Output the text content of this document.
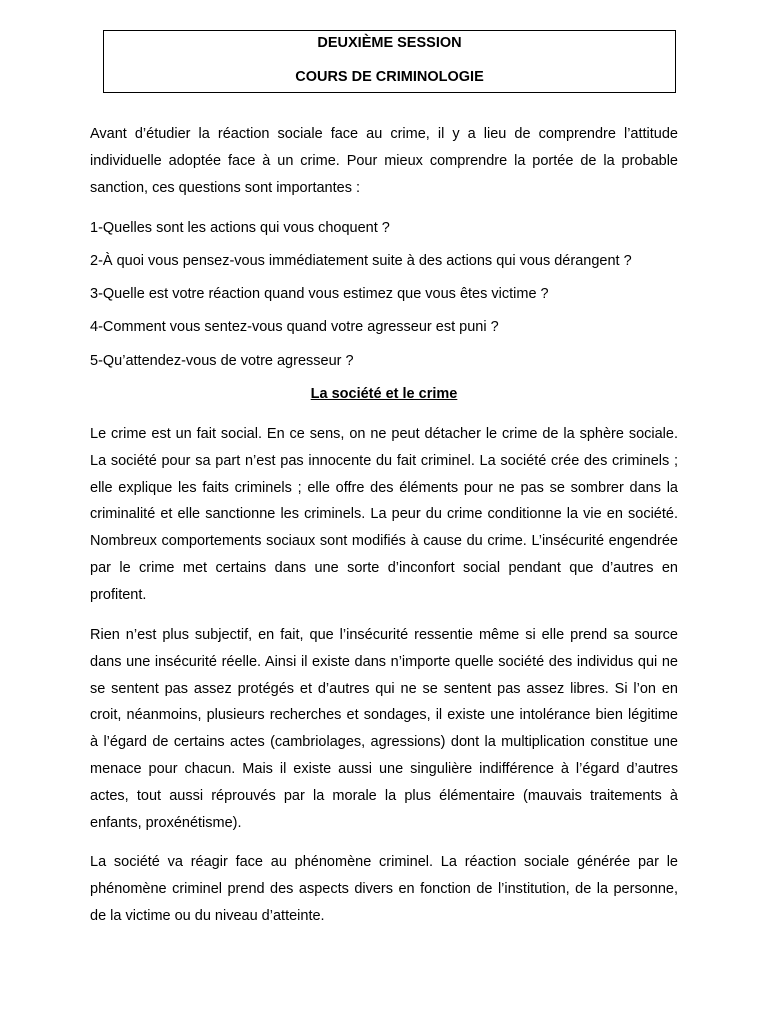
DEUXIÈME SESSION
COURS DE CRIMINOLOGIE

Avant d’étudier la réaction sociale face au crime, il y a lieu de comprendre l’attitude individuelle adoptée face à un crime. Pour mieux comprendre la portée de la probable sanction, ces questions sont importantes :

1-Quelles sont les actions qui vous choquent ?

2-À quoi vous pensez-vous immédiatement suite à des actions qui vous dérangent ?

3-Quelle est votre réaction quand vous estimez que vous êtes victime ?

4-Comment vous sentez-vous quand votre agresseur est puni ?

5-Qu’attendez-vous de votre agresseur ?

La société et le crime

Le crime est un fait social. En ce sens, on ne peut détacher le crime de la sphère sociale. La société pour sa part n’est pas innocente du fait criminel. La société crée des criminels ; elle explique les faits criminels ; elle offre des éléments pour ne pas se sombrer dans la criminalité et elle sanctionne les criminels. La peur du crime conditionne la vie en société. Nombreux comportements sociaux sont modifiés à cause du crime. L’insécurité engendrée par le crime met certains dans une sorte d’inconfort social pendant que d’autres en profitent.

Rien n’est plus subjectif, en fait, que l’insécurité ressentie même si elle prend sa source dans une insécurité réelle. Ainsi il existe dans n’importe quelle société des individus qui ne se sentent pas assez protégés et d’autres qui ne se sentent pas assez libres. Si l’on en croit, néanmoins, plusieurs recherches et sondages, il existe une intolérance bien légitime à l’égard de certains actes (cambriolages, agressions) dont la multiplication constitue une menace pour chacun. Mais il existe aussi une singulière indifférence à l’égard d’autres actes, tout aussi réprouvés par la morale la plus élémentaire (mauvais traitements à enfants, proxénétisme).

La société va réagir face au phénomène criminel. La réaction sociale générée par le phénomène criminel prend des aspects divers en fonction de l’institution, de la personne, de la victime ou du niveau d’atteinte.
